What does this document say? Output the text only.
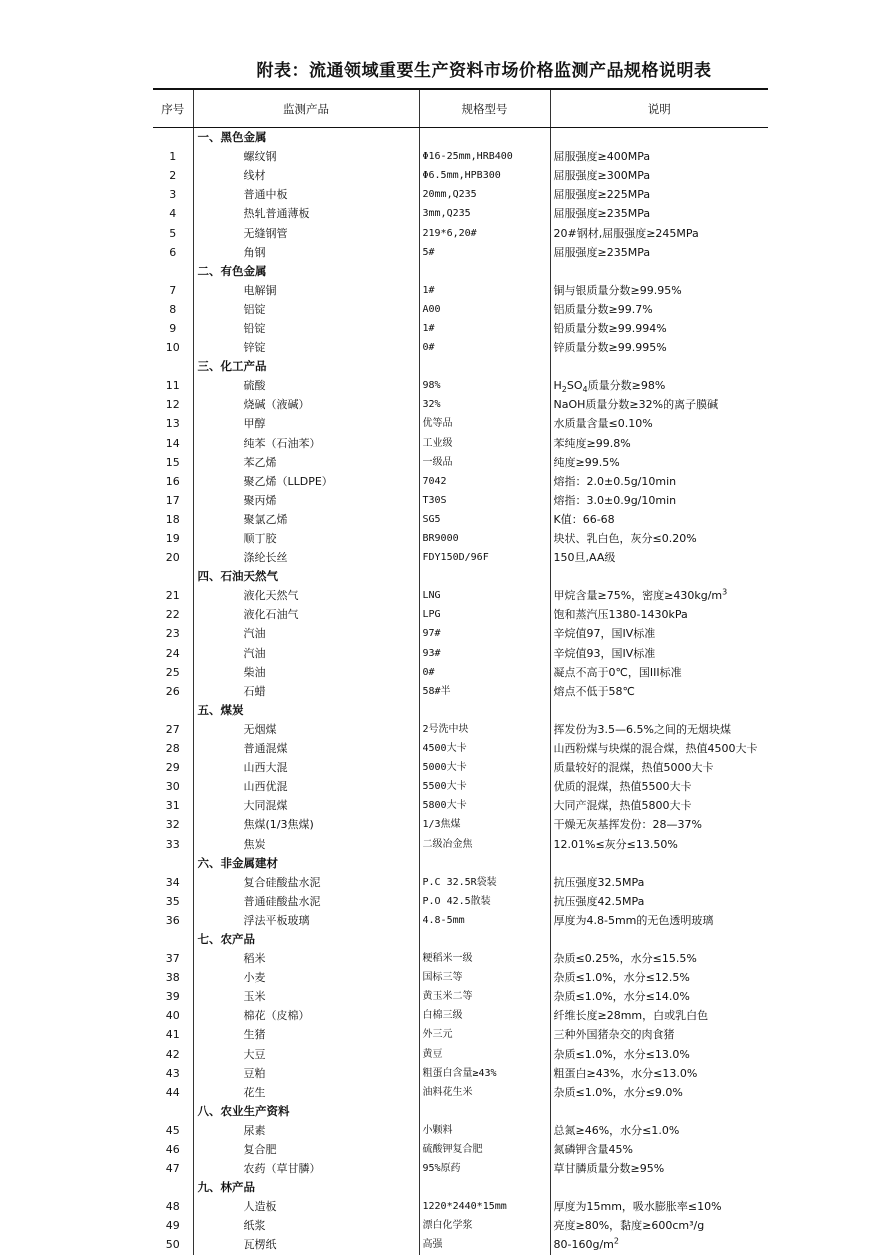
附表：流通领域重要生产资料市场价格监测产品规格说明表
序号	监测产品	规格型号	说明
	一、黑色金属		
1	螺纹钢	Φ16-25mm,HRB400	屈服强度≥400MPa
2	线材	Φ6.5mm,HPB300	屈服强度≥300MPa
3	普通中板	20mm,Q235	屈服强度≥225MPa
4	热轧普通薄板	3mm,Q235	屈服强度≥235MPa
5	无缝钢管	219*6,20#	20#钢材,屈服强度≥245MPa
6	角钢	5#	屈服强度≥235MPa
	二、有色金属		
7	电解铜	1#	铜与银质量分数≥99.95%
8	铝锭	A00	铝质量分数≥99.7%
9	铅锭	1#	铅质量分数≥99.994%
10	锌锭	0#	锌质量分数≥99.995%
	三、化工产品		
11	硫酸	98%	$H_2SO_4$质量分数≥98%
12	烧碱（液碱）	32%	NaOH质量分数≥32%的离子膜碱
13	甲醇	优等品	水质量含量≤0.10%
14	纯苯（石油苯）	工业级	苯纯度≥99.8%
15	苯乙烯	一级品	纯度≥99.5%
16	聚乙烯（LLDPE）	7042	熔指：2.0±0.5g/10min
17	聚丙烯	T30S	熔指：3.0±0.9g/10min
18	聚氯乙烯	SG5	K值：66-68
19	顺丁胶	BR9000	块状、乳白色，灰分≤0.20%
20	涤纶长丝	FDY150D/96F	150旦,AA级
	四、石油天然气		
21	液化天然气	LNG	甲烷含量≥75%，密度$\ge 430kg/m^3$
22	液化石油气	LPG	饱和蒸汽压1380-1430kPa
23	汽油	97#	辛烷值97，国IV标准
24	汽油	93#	辛烷值93，国IV标准
25	柴油	0#	凝点不高于0℃，国III标准
26	石蜡	58#半	熔点不低于58℃
	五、煤炭		
27	无烟煤	2号洗中块	挥发份为3.5—6.5%之间的无烟块煤
28	普通混煤	4500大卡	山西粉煤与块煤的混合煤，热值4500大卡
29	山西大混	5000大卡	质量较好的混煤，热值5000大卡
30	山西优混	5500大卡	优质的混煤，热值5500大卡
31	大同混煤	5800大卡	大同产混煤，热值5800大卡
32	焦煤(1/3焦煤)	1/3焦煤	干燥无灰基挥发份：28—37%
33	焦炭	二级冶金焦	12.01%≤灰分≤13.50%
	六、非金属建材		
34	复合硅酸盐水泥	P.C 32.5R袋装	抗压强度32.5MPa
35	普通硅酸盐水泥	P.O 42.5散装	抗压强度42.5MPa
36	浮法平板玻璃	4.8-5mm	厚度为4.8-5mm的无色透明玻璃
	七、农产品		
37	稻米	粳稻米一级	杂质≤0.25%，水分≤15.5%
38	小麦	国标三等	杂质≤1.0%，水分≤12.5%
39	玉米	黄玉米二等	杂质≤1.0%，水分≤14.0%
40	棉花（皮棉）	白棉三级	纤维长度≥28mm，白或乳白色
41	生猪	外三元	三种外国猪杂交的肉食猪
42	大豆	黄豆	杂质≤1.0%，水分≤13.0%
43	豆粕	粗蛋白含量≥43%	粗蛋白≥43%，水分≤13.0%
44	花生	油料花生米	杂质≤1.0%，水分≤9.0%
	八、农业生产资料		
45	尿素	小颗料	总氮≥46%，水分≤1.0%
46	复合肥	硫酸钾复合肥	氮磷钾含量45%
47	农药（草甘膦）	95%原药	草甘膦质量分数≥95%
	九、林产品		
48	人造板	1220*2440*15mm	厚度为15mm，吸水膨胀率≤10%
49	纸浆	漂白化学浆	亮度≥80%，黏度≥600cm³/g
50	瓦楞纸	高强	$80-160g/m^2$
